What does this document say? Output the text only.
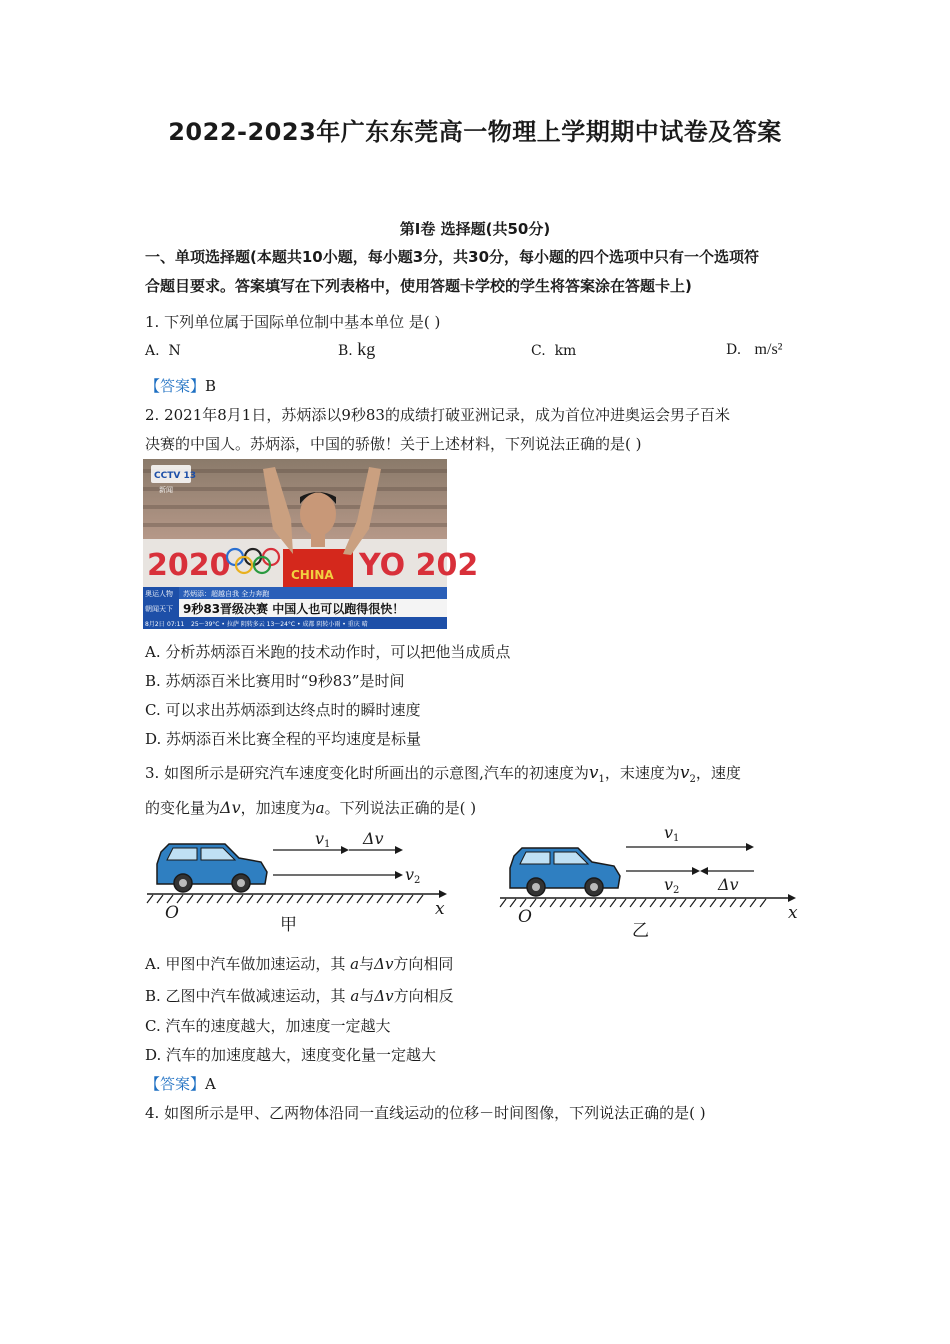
2022-2023年广东东莞高一物理上学期期中试卷及答案
第Ⅰ卷 选择题(共50分)
一、单项选择题(本题共10小题，每小题3分，共30分，每小题的四个选项中只有一个选项符
合题目要求。答案填写在下列表格中，使用答题卡学校的学生将答案涂在答题卡上)
1. 下列单位属于国际单位制中基本单位 是( )
A. N	B. kg	C. km	D. m/s²
【答案】B
2. 2021年8月1日，苏炳添以9秒83的成绩打破亚洲记录，成为首位冲进奥运会男子百米
决赛的中国人。苏炳添，中国的骄傲！关于上述材料，下列说法正确的是( )
2020	YO 202
CHINA
CCTV 13
新闻
奥运人物 苏炳添：超越自我 全力奔跑
朝闻天下 9秒83晋级决赛 中国人也可以跑得很快！
8月2日 07:11 25～39°C • 拉萨 阴转多云 13～24°C • 成都 阴转小雨 • 重庆 晴
A. 分析苏炳添百米跑的技术动作时，可以把他当成质点
B. 苏炳添百米比赛用时“9秒83”是时间
C. 可以求出苏炳添到达终点时的瞬时速度
D. 苏炳添百米比赛全程的平均速度是标量
3. 如图所示是研究汽车速度变化时所画出的示意图,汽车的初速度为$v_1$，末速度为$v_2$，速度
的变化量为Δv，加速度为a。下列说法正确的是( )
v 1 Δv
v 2
O	x
甲
v 1
v 2 Δv
O	x
乙
A. 甲图中汽车做加速运动，其 a与Δv方向相同
B. 乙图中汽车做减速运动，其 a与Δv方向相反
C. 汽车的速度越大，加速度一定越大
D. 汽车的加速度越大，速度变化量一定越大
【答案】A
4. 如图所示是甲、乙两物体沿同一直线运动的位移－时间图像，下列说法正确的是( )
